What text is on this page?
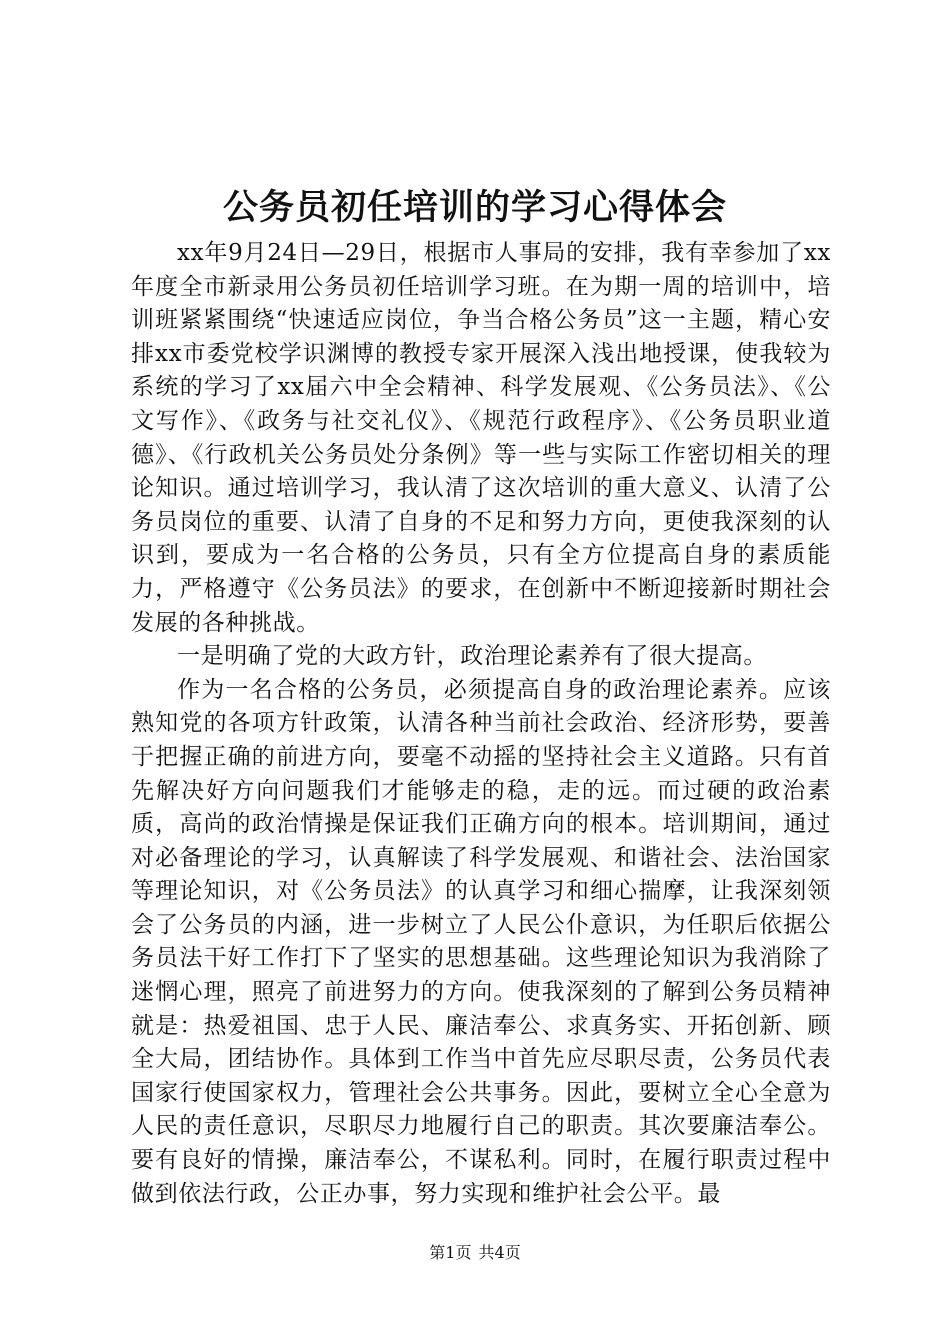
公务员初任培训的学习心得体会

xx年9月24日—29日，根据市人事局的安排，我有幸参加了xx年度全市新录用公务员初任培训学习班。在为期一周的培训中，培训班紧紧围绕“快速适应岗位，争当合格公务员”这一主题，精心安排xx市委党校学识渊博的教授专家开展深入浅出地授课，使我较为系统的学习了xx届六中全会精神、科学发展观、《公务员法》、《公文写作》、《政务与社交礼仪》、《规范行政程序》、《公务员职业道德》、《行政机关公务员处分条例》等一些与实际工作密切相关的理论知识。通过培训学习，我认清了这次培训的重大意义、认清了公务员岗位的重要、认清了自身的不足和努力方向，更使我深刻的认识到，要成为一名合格的公务员，只有全方位提高自身的素质能力，严格遵守《公务员法》的要求，在创新中不断迎接新时期社会发展的各种挑战。

一是明确了党的大政方针，政治理论素养有了很大提高。

作为一名合格的公务员，必须提高自身的政治理论素养。应该熟知党的各项方针政策，认清各种当前社会政治、经济形势，要善于把握正确的前进方向，要毫不动摇的坚持社会主义道路。只有首先解决好方向问题我们才能够走的稳，走的远。而过硬的政治素质，高尚的政治情操是保证我们正确方向的根本。培训期间，通过对必备理论的学习，认真解读了科学发展观、和谐社会、法治国家等理论知识，对《公务员法》的认真学习和细心揣摩，让我深刻领会了公务员的内涵，进一步树立了人民公仆意识，为任职后依据公务员法干好工作打下了坚实的思想基础。这些理论知识为我消除了迷惘心理，照亮了前进努力的方向。使我深刻的了解到公务员精神就是：热爱祖国、忠于人民、廉洁奉公、求真务实、开拓创新、顾全大局，团结协作。具体到工作当中首先应尽职尽责，公务员代表国家行使国家权力，管理社会公共事务。因此，要树立全心全意为人民的责任意识，尽职尽力地履行自己的职责。其次要廉洁奉公。要有良好的情操，廉洁奉公，不谋私利。同时，在履行职责过程中做到依法行政，公正办事，努力实现和维护社会公平。最

第1页 共4页
